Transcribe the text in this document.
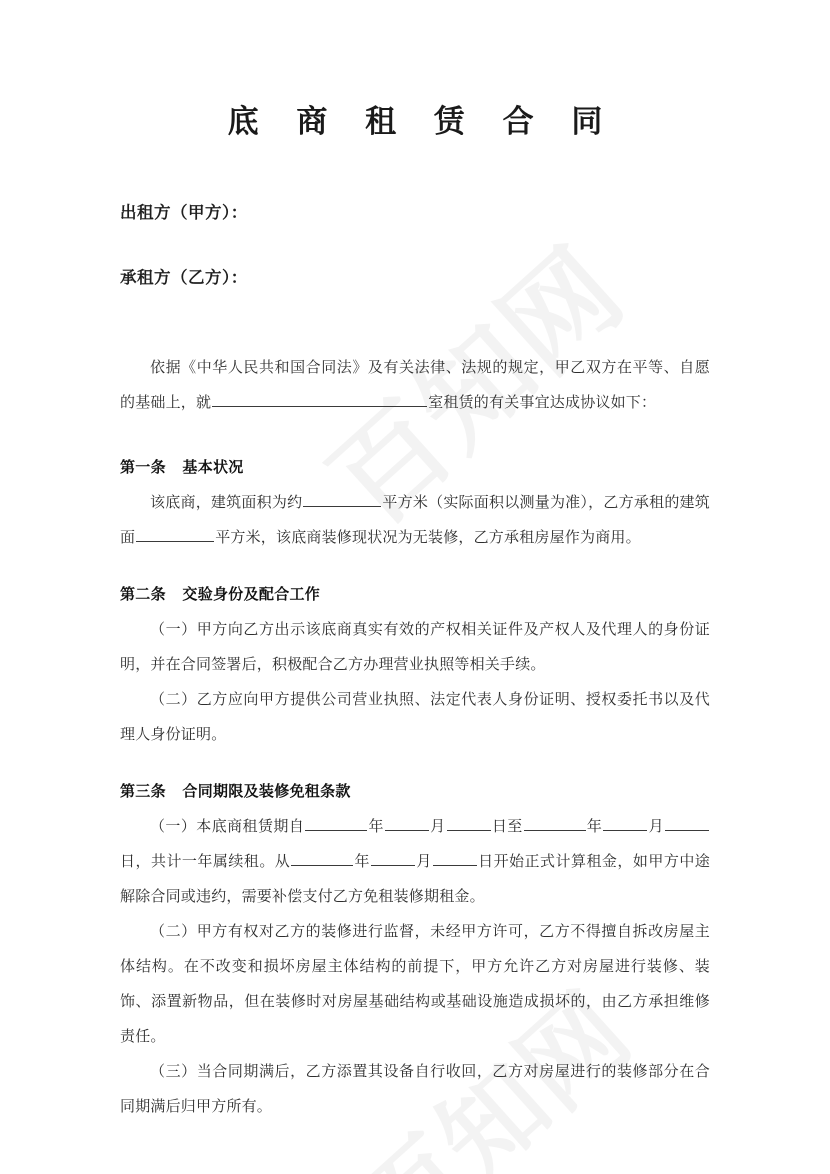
底 商 租 赁 合 同

出租方（甲方）：

承租方（乙方）：

依据《中华人民共和国合同法》及有关法律、法规的规定，甲乙双方在平等、自愿的基础上，就	室租赁的有关事宜达成协议如下：

第一条 基本状况

该底商，建筑面积为约	平方米（实际面积以测量为准），乙方承租的建筑面	平方米，该底商装修现状况为无装修，乙方承租房屋作为商用。

第二条 交验身份及配合工作

（一）甲方向乙方出示该底商真实有效的产权相关证件及产权人及代理人的身份证明，并在合同签署后，积极配合乙方办理营业执照等相关手续。

（二）乙方应向甲方提供公司营业执照、法定代表人身份证明、授权委托书以及代理人身份证明。

第三条 合同期限及装修免租条款

（一）本底商租赁期自	年	月	日至	年	月日，共计一年属续租。从	年	月	日开始正式计算租金，如甲方中途解除合同或违约，需要补偿支付乙方免租装修期租金。

（二）甲方有权对乙方的装修进行监督，未经甲方许可，乙方不得擅自拆改房屋主体结构。在不改变和损坏房屋主体结构的前提下，甲方允许乙方对房屋进行装修、装饰、添置新物品，但在装修时对房屋基础结构或基础设施造成损坏的，由乙方承担维修责任。

（三）当合同期满后，乙方添置其设备自行收回，乙方对房屋进行的装修部分在合同期满后归甲方所有。
